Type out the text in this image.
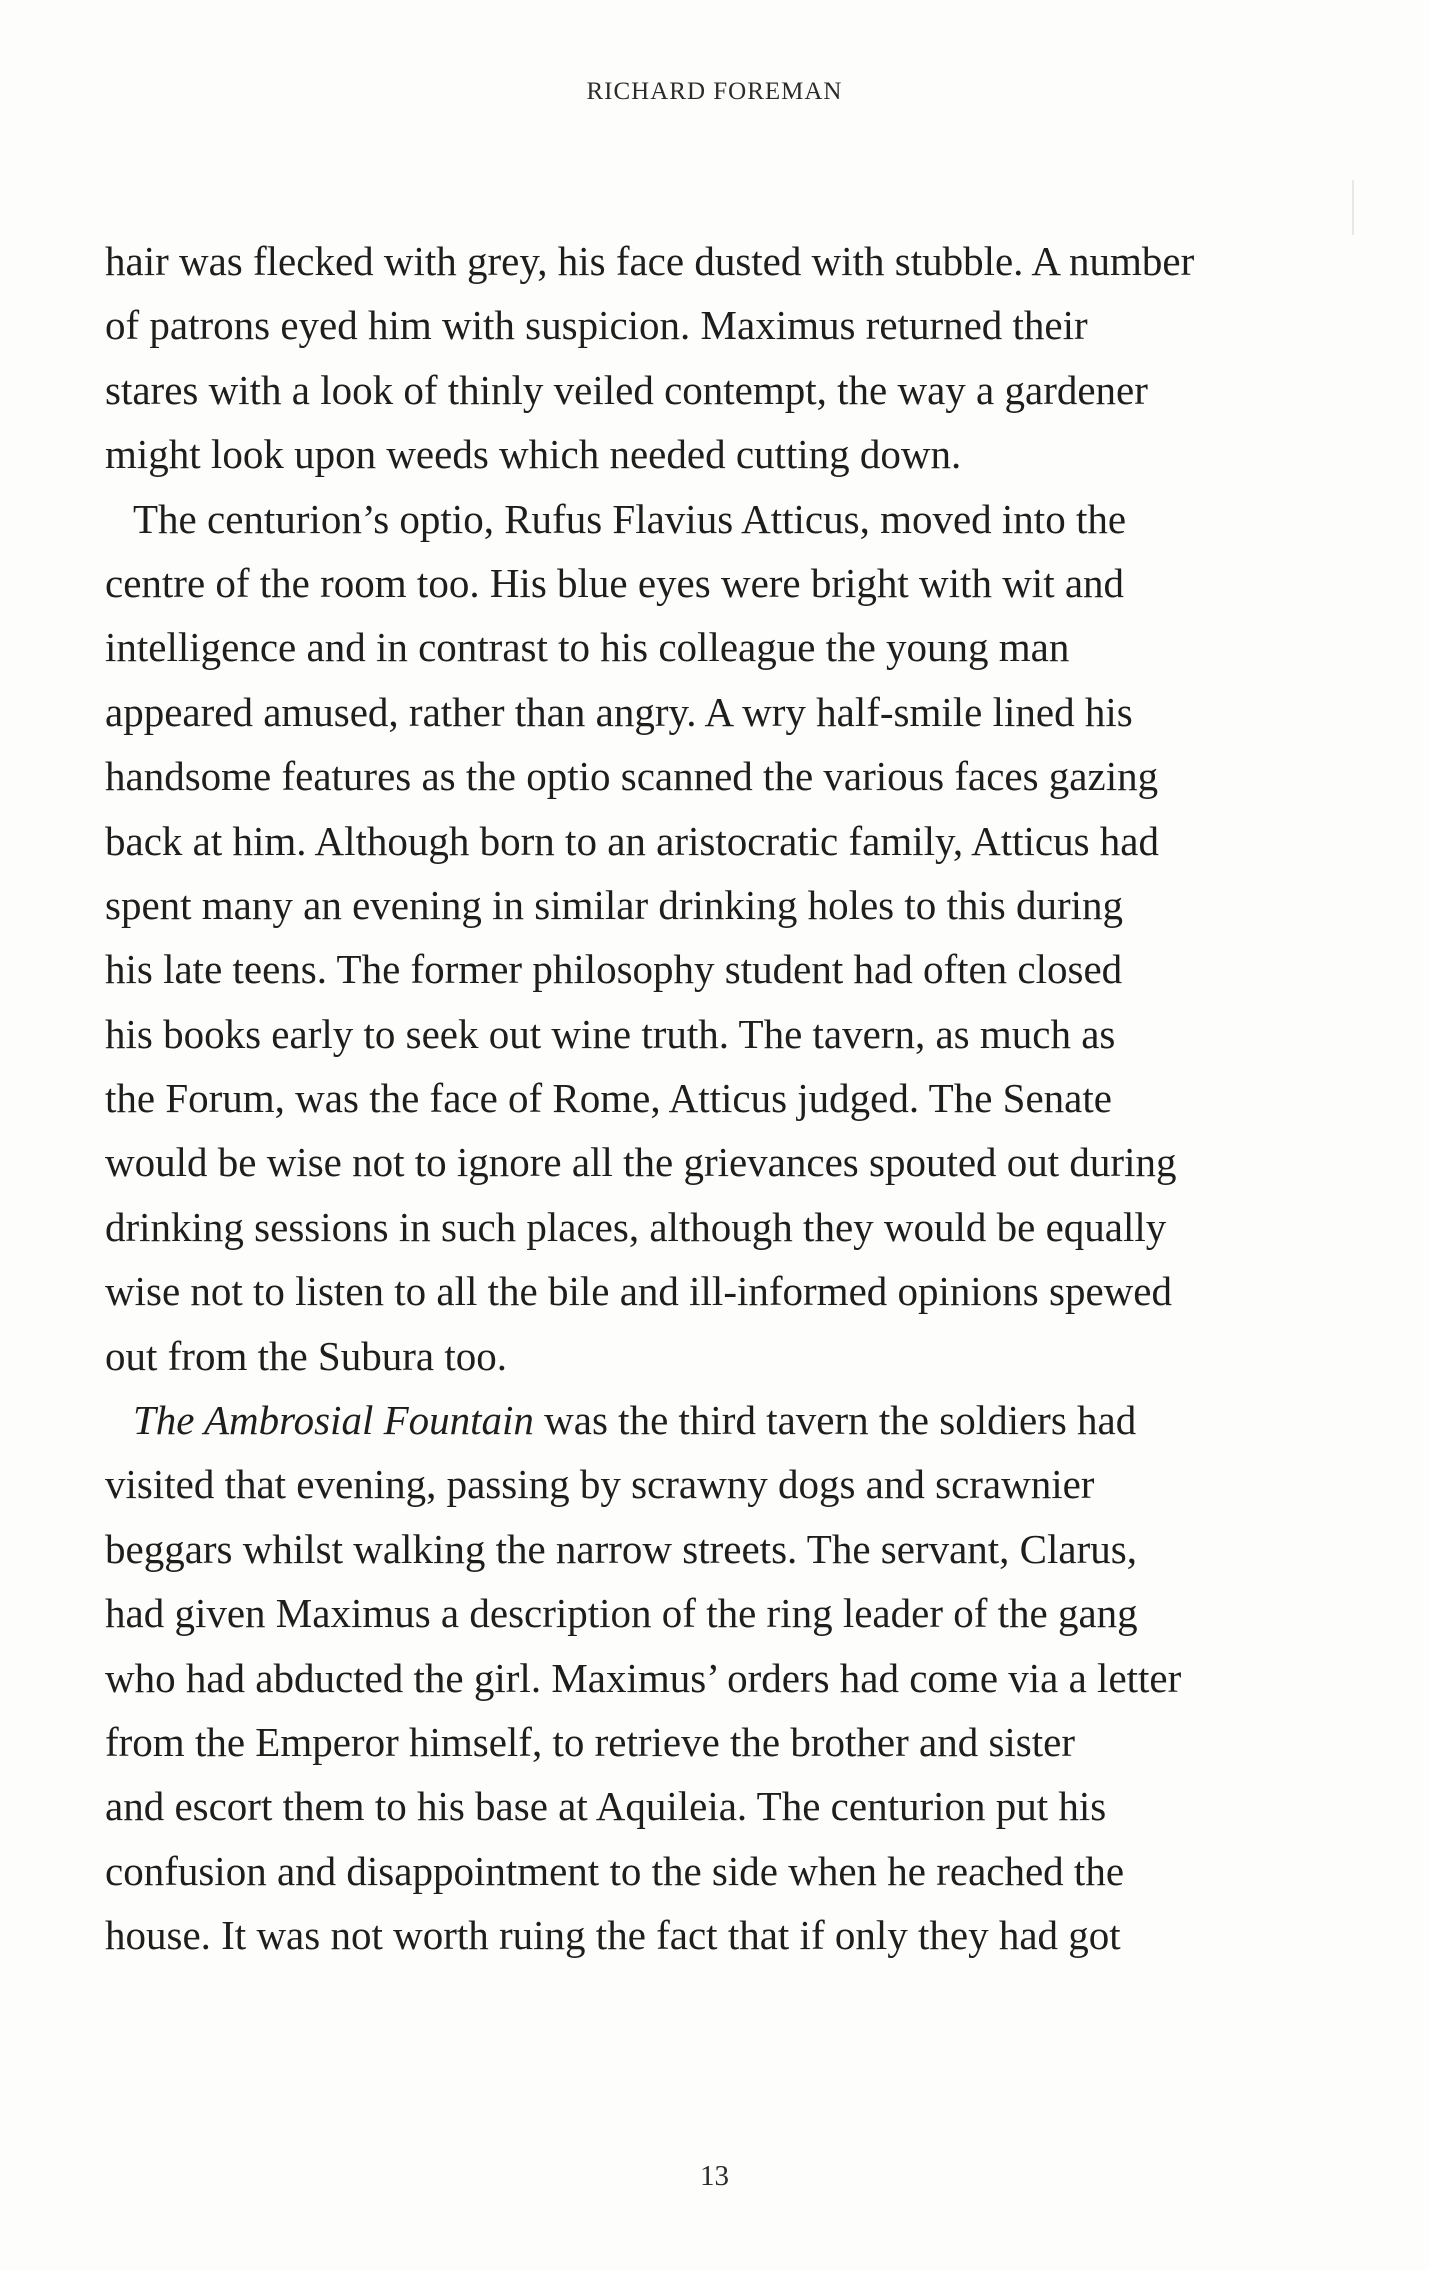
RICHARD FOREMAN
hair was flecked with grey, his face dusted with stubble. A number
of patrons eyed him with suspicion. Maximus returned their
stares with a look of thinly veiled contempt, the way a gardener
might look upon weeds which needed cutting down.
The centurion’s optio, Rufus Flavius Atticus, moved into the
centre of the room too. His blue eyes were bright with wit and
intelligence and in contrast to his colleague the young man
appeared amused, rather than angry. A wry half-smile lined his
handsome features as the optio scanned the various faces gazing
back at him. Although born to an aristocratic family, Atticus had
spent many an evening in similar drinking holes to this during
his late teens. The former philosophy student had often closed
his books early to seek out wine truth. The tavern, as much as
the Forum, was the face of Rome, Atticus judged. The Senate
would be wise not to ignore all the grievances spouted out during
drinking sessions in such places, although they would be equally
wise not to listen to all the bile and ill-informed opinions spewed
out from the Subura too.
The Ambrosial Fountain was the third tavern the soldiers had
visited that evening, passing by scrawny dogs and scrawnier
beggars whilst walking the narrow streets. The servant, Clarus,
had given Maximus a description of the ring leader of the gang
who had abducted the girl. Maximus’ orders had come via a letter
from the Emperor himself, to retrieve the brother and sister
and escort them to his base at Aquileia. The centurion put his
confusion and disappointment to the side when he reached the
house. It was not worth ruing the fact that if only they had got
13
